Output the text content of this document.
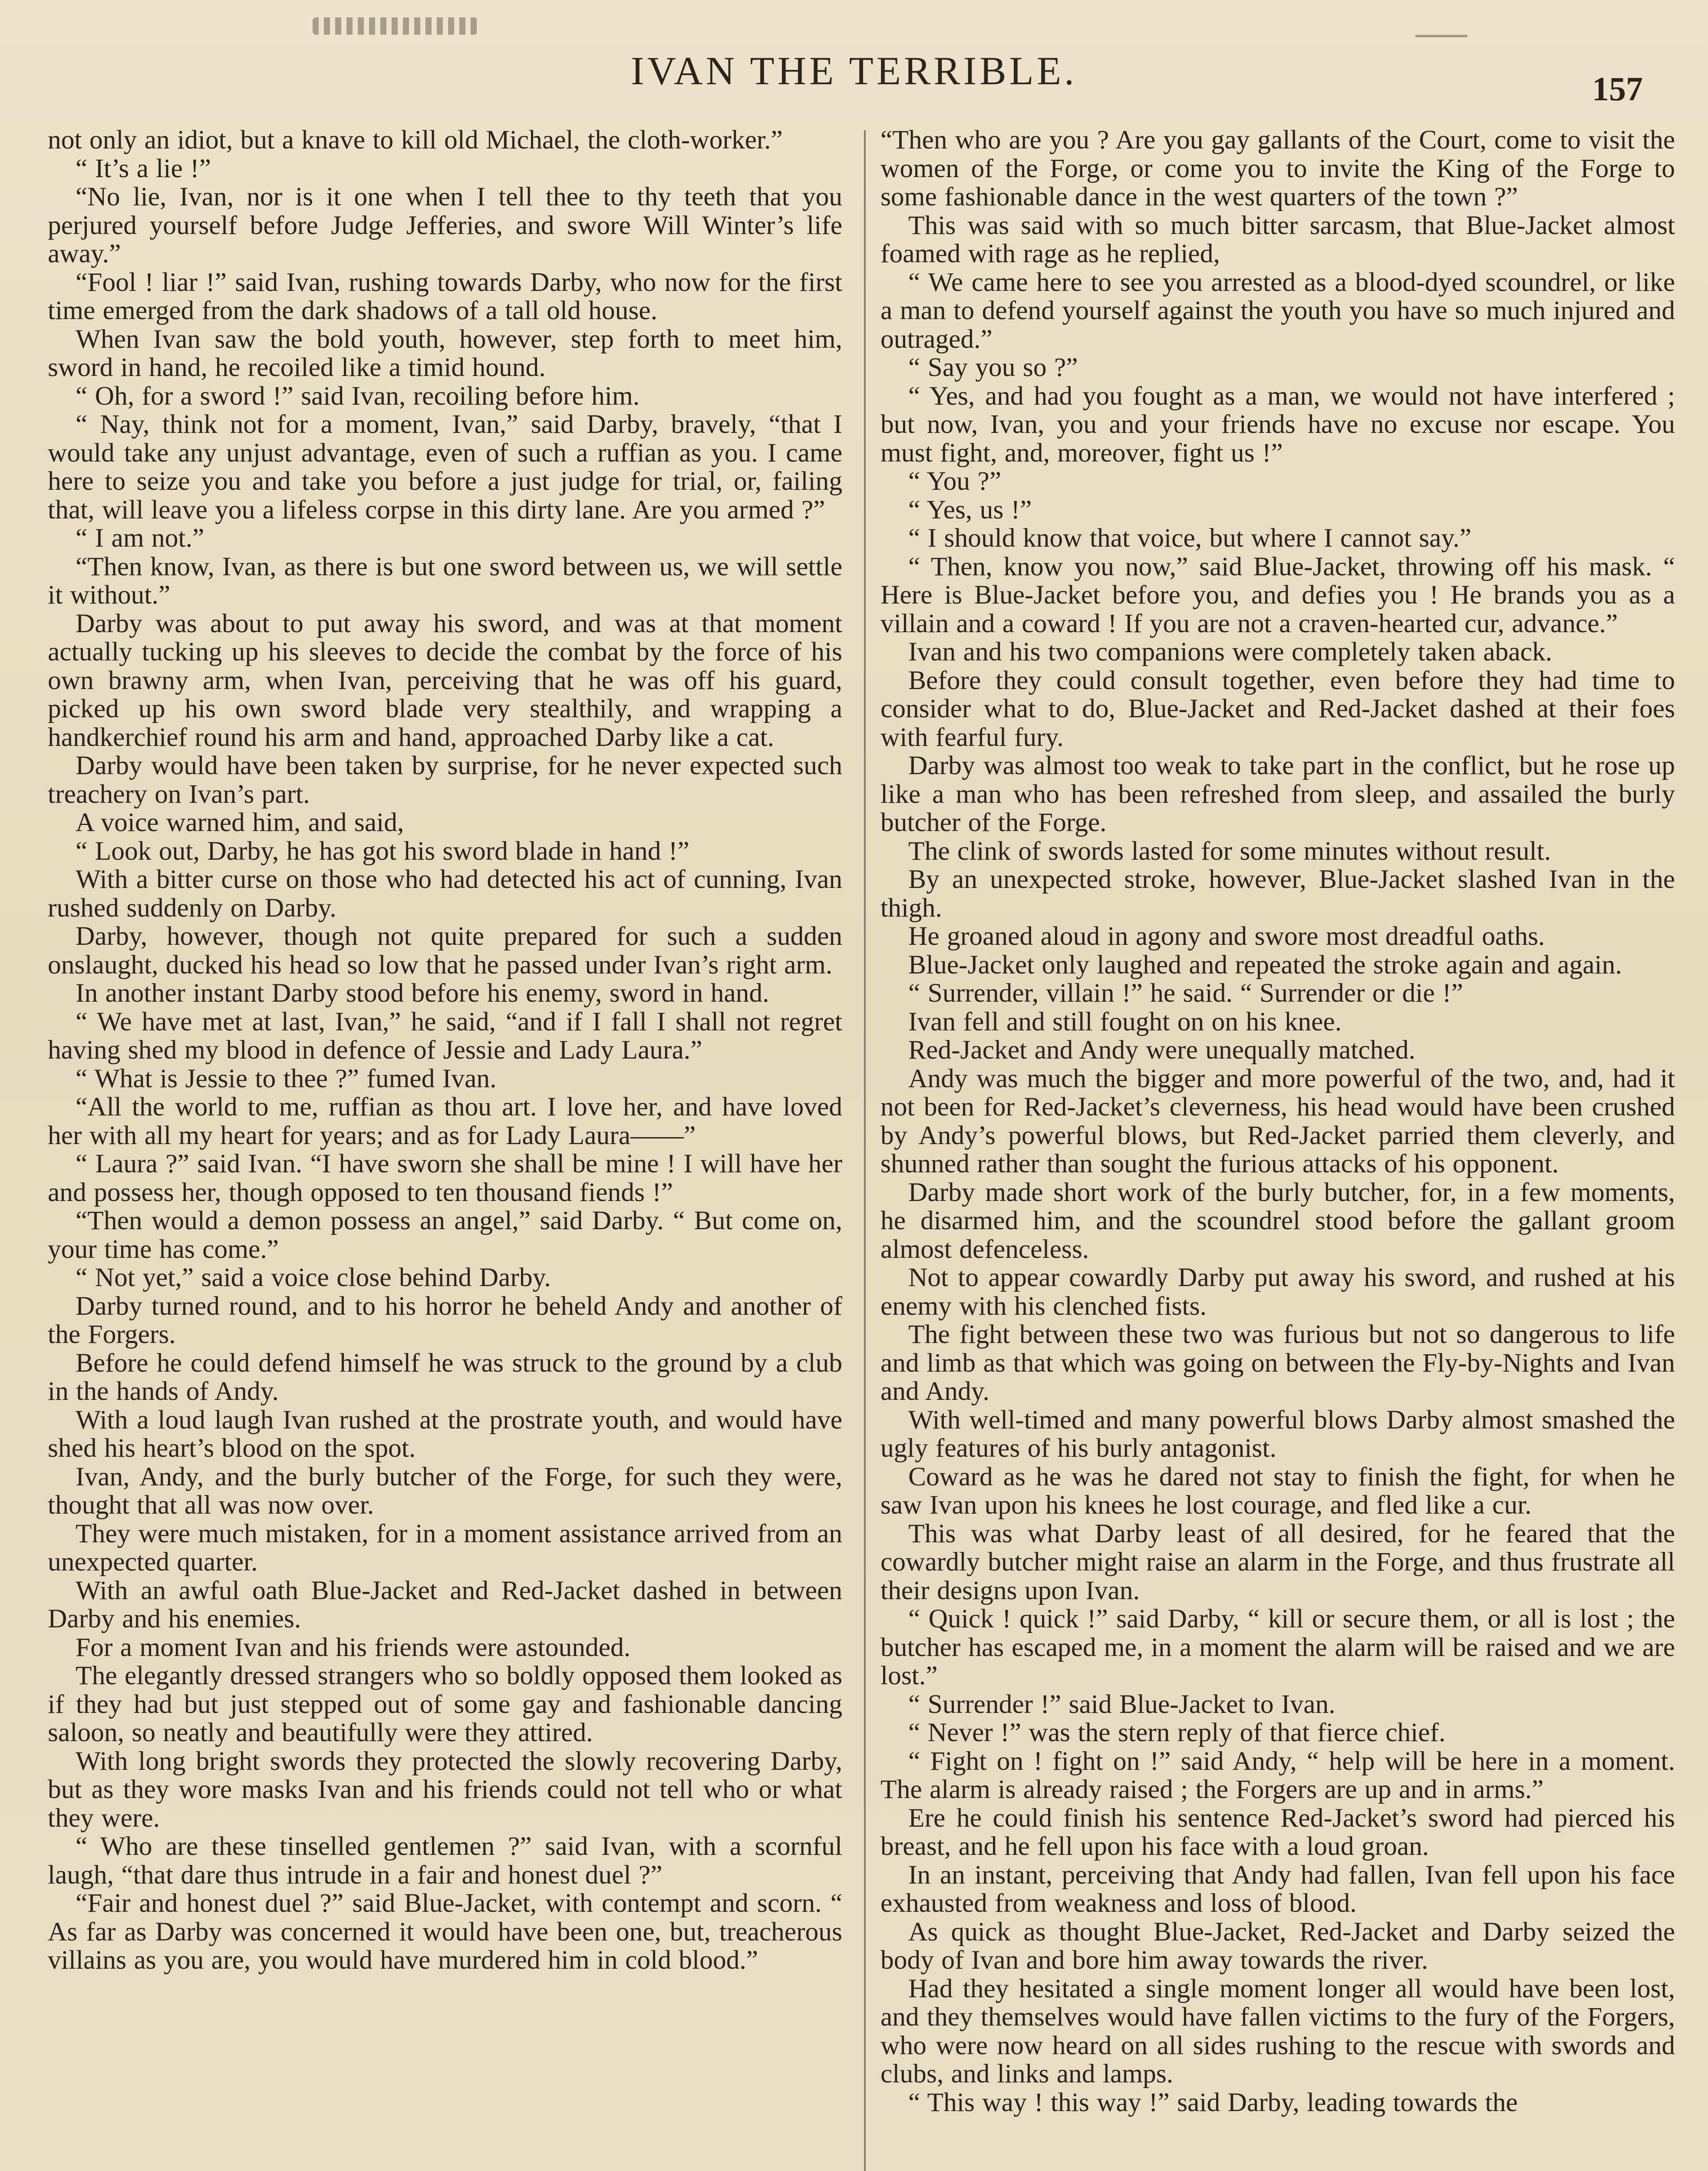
IVAN THE TERRIBLE.	157

not only an idiot, but a knave to kill old Michael, the cloth-worker.”

“ It’s a lie !”

“No lie, Ivan, nor is it one when I tell thee to thy teeth that you perjured yourself before Judge Jefferies, and swore Will Winter’s life away.”

“Fool ! liar !” said Ivan, rushing towards Darby, who now for the first time emerged from the dark shadows of a tall old house.

When Ivan saw the bold youth, however, step forth to meet him, sword in hand, he recoiled like a timid hound.

“ Oh, for a sword !” said Ivan, recoiling before him.

“ Nay, think not for a moment, Ivan,” said Darby, bravely, “that I would take any unjust advantage, even of such a ruffian as you. I came here to seize you and take you before a just judge for trial, or, failing that, will leave you a lifeless corpse in this dirty lane. Are you armed ?”

“ I am not.”

“Then know, Ivan, as there is but one sword between us, we will settle it without.”

Darby was about to put away his sword, and was at that moment actually tucking up his sleeves to decide the combat by the force of his own brawny arm, when Ivan, perceiving that he was off his guard, picked up his own sword blade very stealthily, and wrapping a handkerchief round his arm and hand, approached Darby like a cat.

Darby would have been taken by surprise, for he never expected such treachery on Ivan’s part.

A voice warned him, and said,

“ Look out, Darby, he has got his sword blade in hand !”

With a bitter curse on those who had detected his act of cunning, Ivan rushed suddenly on Darby.

Darby, however, though not quite prepared for such a sudden onslaught, ducked his head so low that he passed under Ivan’s right arm.

In another instant Darby stood before his enemy, sword in hand.

“ We have met at last, Ivan,” he said, “and if I fall I shall not regret having shed my blood in defence of Jessie and Lady Laura.”

“ What is Jessie to thee ?” fumed Ivan.

“All the world to me, ruffian as thou art. I love her, and have loved her with all my heart for years; and as for Lady Laura——”

“ Laura ?” said Ivan. “I have sworn she shall be mine ! I will have her and possess her, though opposed to ten thousand fiends !”

“Then would a demon possess an angel,” said Darby. “ But come on, your time has come.”

“ Not yet,” said a voice close behind Darby.

Darby turned round, and to his horror he beheld Andy and another of the Forgers.

Before he could defend himself he was struck to the ground by a club in the hands of Andy.

With a loud laugh Ivan rushed at the prostrate youth, and would have shed his heart’s blood on the spot.

Ivan, Andy, and the burly butcher of the Forge, for such they were, thought that all was now over.

They were much mistaken, for in a moment assistance arrived from an unexpected quarter.

With an awful oath Blue-Jacket and Red-Jacket dashed in between Darby and his enemies.

For a moment Ivan and his friends were astounded.

The elegantly dressed strangers who so boldly opposed them looked as if they had but just stepped out of some gay and fashionable dancing saloon, so neatly and beautifully were they attired.

With long bright swords they protected the slowly recovering Darby, but as they wore masks Ivan and his friends could not tell who or what they were.

“ Who are these tinselled gentlemen ?” said Ivan, with a scornful laugh, “that dare thus intrude in a fair and honest duel ?”

“Fair and honest duel ?” said Blue-Jacket, with contempt and scorn. “ As far as Darby was concerned it would have been one, but, treacherous villains as you are, you would have murdered him in cold blood.”

“Then who are you ? Are you gay gallants of the Court, come to visit the women of the Forge, or come you to invite the King of the Forge to some fashionable dance in the west quarters of the town ?”

This was said with so much bitter sarcasm, that Blue-Jacket almost foamed with rage as he replied,

“ We came here to see you arrested as a blood-dyed scoundrel, or like a man to defend yourself against the youth you have so much injured and outraged.”

“ Say you so ?”

“ Yes, and had you fought as a man, we would not have interfered ; but now, Ivan, you and your friends have no excuse nor escape. You must fight, and, moreover, fight us !”

“ You ?”

“ Yes, us !”

“ I should know that voice, but where I cannot say.”

“ Then, know you now,” said Blue-Jacket, throwing off his mask. “ Here is Blue-Jacket before you, and defies you ! He brands you as a villain and a coward ! If you are not a craven-hearted cur, advance.”

Ivan and his two companions were completely taken aback.

Before they could consult together, even before they had time to consider what to do, Blue-Jacket and Red-Jacket dashed at their foes with fearful fury.

Darby was almost too weak to take part in the conflict, but he rose up like a man who has been refreshed from sleep, and assailed the burly butcher of the Forge.

The clink of swords lasted for some minutes without result.

By an unexpected stroke, however, Blue-Jacket slashed Ivan in the thigh.

He groaned aloud in agony and swore most dreadful oaths.

Blue-Jacket only laughed and repeated the stroke again and again.

“ Surrender, villain !” he said. “ Surrender or die !”

Ivan fell and still fought on on his knee.

Red-Jacket and Andy were unequally matched.

Andy was much the bigger and more powerful of the two, and, had it not been for Red-Jacket’s cleverness, his head would have been crushed by Andy’s powerful blows, but Red-Jacket parried them cleverly, and shunned rather than sought the furious attacks of his opponent.

Darby made short work of the burly butcher, for, in a few moments, he disarmed him, and the scoundrel stood before the gallant groom almost defenceless.

Not to appear cowardly Darby put away his sword, and rushed at his enemy with his clenched fists.

The fight between these two was furious but not so dangerous to life and limb as that which was going on between the Fly-by-Nights and Ivan and Andy.

With well-timed and many powerful blows Darby almost smashed the ugly features of his burly antagonist.

Coward as he was he dared not stay to finish the fight, for when he saw Ivan upon his knees he lost courage, and fled like a cur.

This was what Darby least of all desired, for he feared that the cowardly butcher might raise an alarm in the Forge, and thus frustrate all their designs upon Ivan.

“ Quick ! quick !” said Darby, “ kill or secure them, or all is lost ; the butcher has escaped me, in a moment the alarm will be raised and we are lost.”

“ Surrender !” said Blue-Jacket to Ivan.

“ Never !” was the stern reply of that fierce chief.

“ Fight on ! fight on !” said Andy, “ help will be here in a moment. The alarm is already raised ; the Forgers are up and in arms.”

Ere he could finish his sentence Red-Jacket’s sword had pierced his breast, and he fell upon his face with a loud groan.

In an instant, perceiving that Andy had fallen, Ivan fell upon his face exhausted from weakness and loss of blood.

As quick as thought Blue-Jacket, Red-Jacket and Darby seized the body of Ivan and bore him away towards the river.

Had they hesitated a single moment longer all would have been lost, and they themselves would have fallen victims to the fury of the Forgers, who were now heard on all sides rushing to the rescue with swords and clubs, and links and lamps.

“ This way ! this way !” said Darby, leading towards the
